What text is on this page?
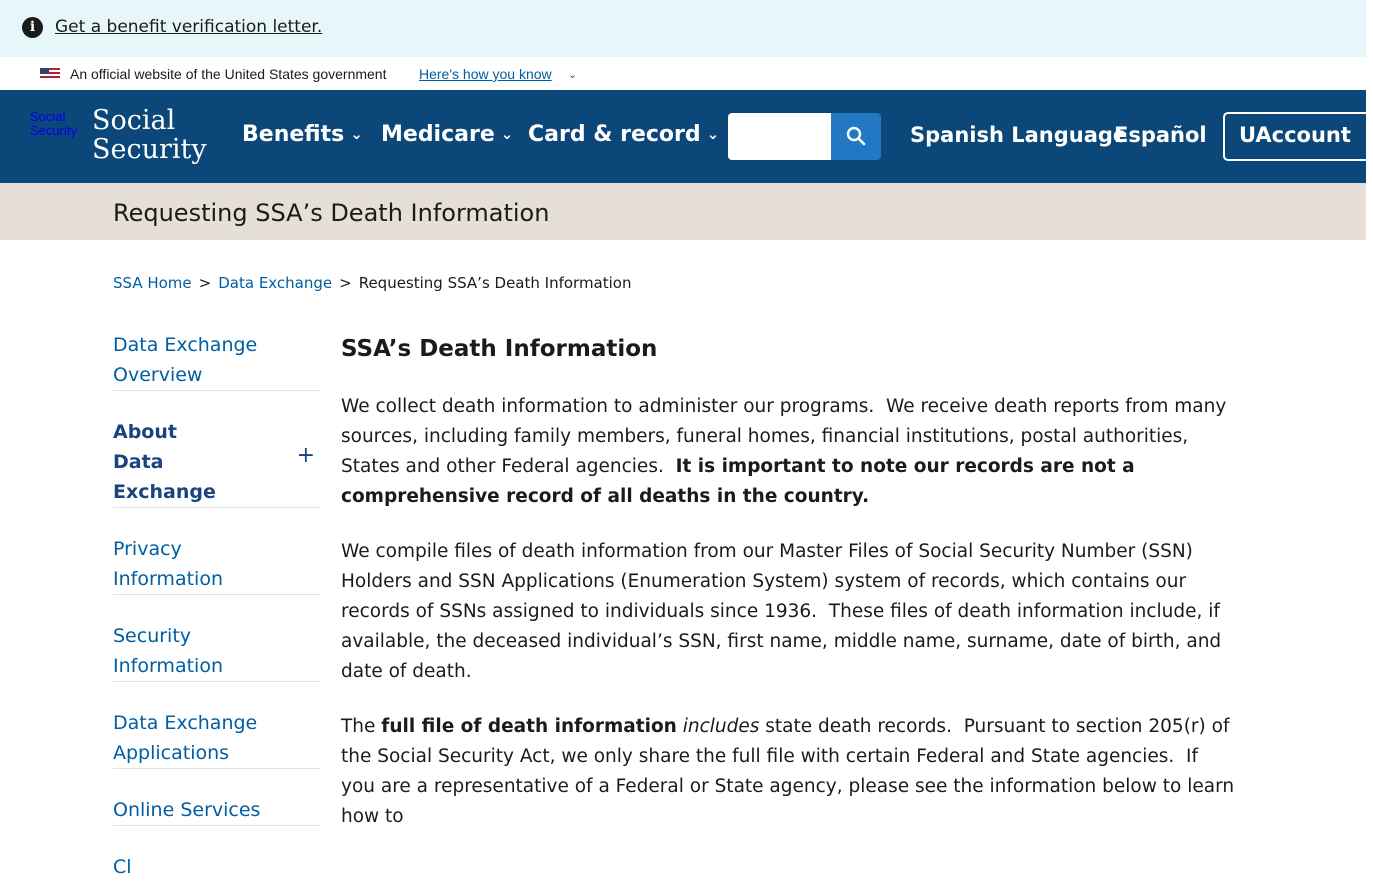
i	Get a benefit verification letter.
An official website of the United States government Here's how you know ⌄
Social Security Social
Security Benefits ⌄ Medicare ⌄ Card & record ⌄	Spanish LanguageEspañol	UAccount
Requesting SSA’s Death Information
SSA Home > Data Exchange > Requesting SSA’s Death Information
Data Exchange Overview
About Data Exchange
+
Privacy Information
Security Information
Data Exchange Applications
Online Services
Cl
SSA’s Death Information

We collect death information to administer our programs.  We receive death reports from many sources, including family members, funeral homes, financial institutions, postal authorities, States and other Federal agencies.  It is important to note our records are not a comprehensive record of all deaths in the country.

We compile files of death information from our Master Files of Social Security Number (SSN) Holders and SSN Applications (Enumeration System) system of records, which contains our records of SSNs assigned to individuals since 1936.  These files of death information include, if available, the deceased individual’s SSN, first name, middle name, surname, date of birth, and date of death.

The full file of death information includes state death records.  Pursuant to section 205(r) of the Social Security Act, we only share the full file with certain Federal and State agencies.  If you are a representative of a Federal or State agency, please see the information below to learn how to
